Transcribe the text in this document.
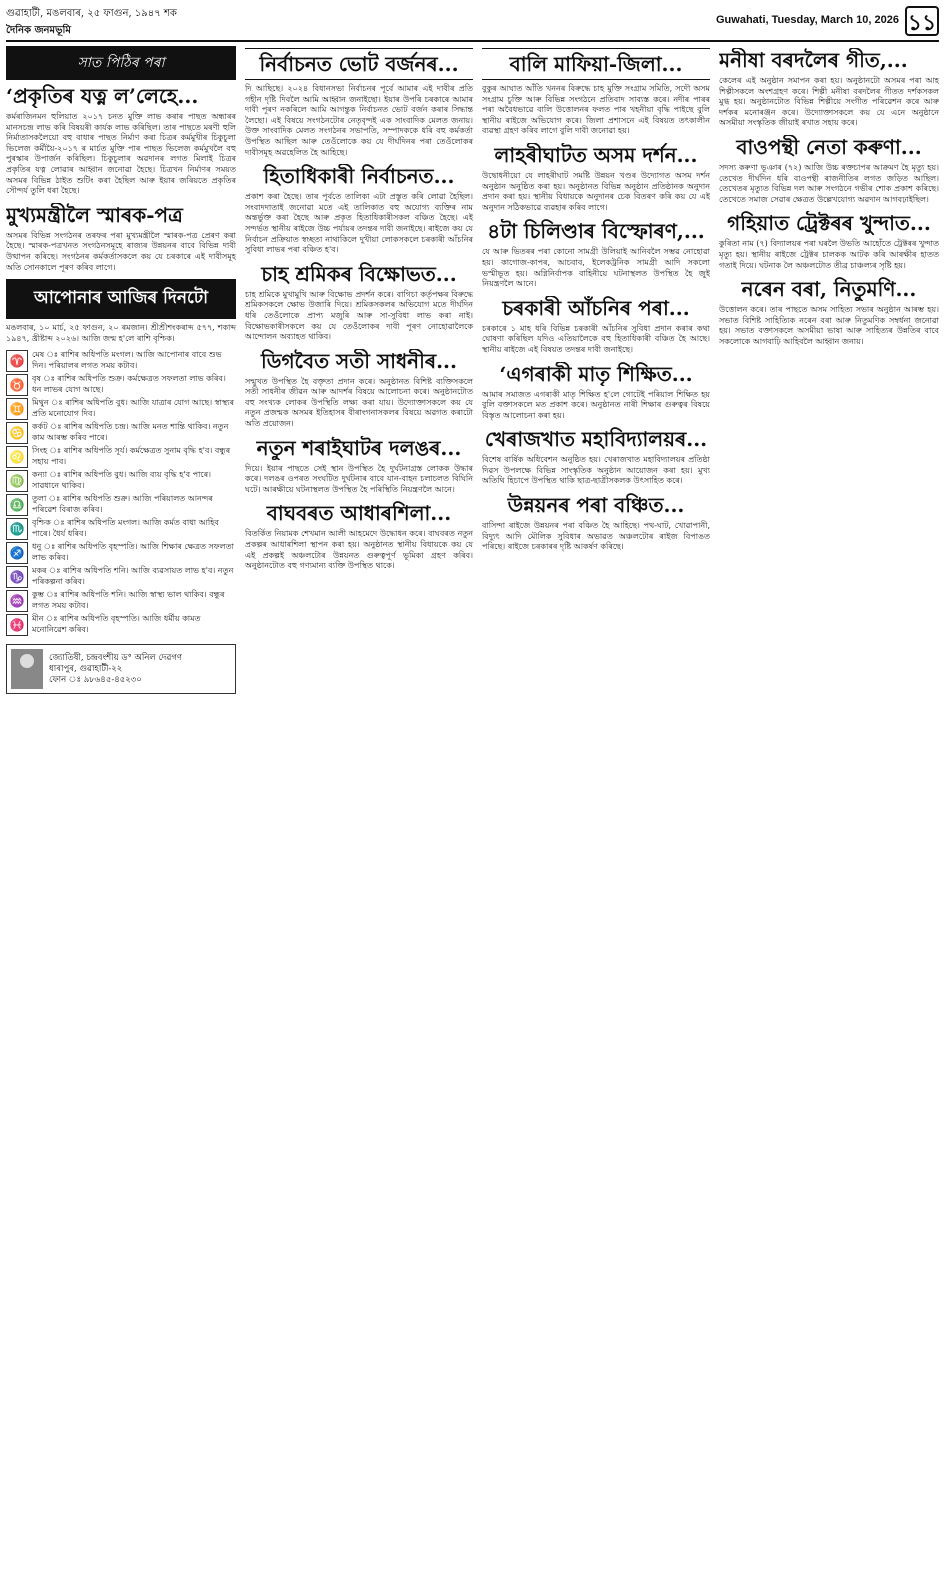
গুৱাহাটী, মঙলবাৰ, ২৫ ফাগুন, ১৯৪৭ শক
দৈনিক জনমভূমি
Guwahati, Tuesday, March 10, 2026 ১১
সাত পিঠিৰ পৰা
‘প্ৰকৃতিৰ যত্ন ল’লেহে...
কৰ্মৰাজিনমন হুলিয়াত ২০১৭ চনত মুক্তি লাভ কৰাৰ পাছত অন্ধাৰৰ মানসচন্দ্ৰ লাভ কৰি বিষয়ৰী কাৰ্যক লাভ কৰিছিল। তাৰ পাছতে মৰণী হুলি নিৰ্মাতাসকলৈয়ো বহু বাধাৰ পাছত নিৰ্মাণ কৰা চিত্ৰৰ কৰ্মমুখীৰ চিকুচুলা ভিলেজ কৰ্মীয়ৈ-২০১৭ ৰ মাৰ্চত মুক্তি পাৰ পাছত ভিলেজ কৰ্মমুখলৈ বহু পুৰস্কাৰ উপাৰ্জন কৰিছিল। চিকুচুলাৰ অৱদানৰ লগত মিলাই চিত্ৰৰ প্ৰকৃতিৰ যত্ন লোৱাৰ আহ্বান জনোৱা হৈছে। চিত্ৰখন নিৰ্মাণৰ সময়ত অসমৰ বিভিন্ন ঠাইত শুটিং কৰা হৈছিল আৰু ইয়াৰ জৰিয়তে প্ৰকৃতিৰ সৌন্দৰ্য তুলি ধৰা হৈছে।
মুখ্যমন্ত্ৰীলৈ স্মাৰক-পত্ৰ
অসমৰ বিভিন্ন সংগঠনৰ তৰফৰ পৰা মুখ্যমন্ত্ৰীলৈ স্মাৰক-পত্ৰ প্ৰেৰণ কৰা হৈছে। স্মাৰক-পত্ৰখনত সংগঠনসমূহে ৰাজ্যৰ উন্নয়নৰ বাবে বিভিন্ন দাবী উত্থাপন কৰিছে। সংগঠনৰ কৰ্মকৰ্তাসকলে কয় যে চৰকাৰে এই দাবীসমূহ অতি সোনকালে পূৰণ কৰিব লাগে।
আপোনাৰ আজিৰ দিনটো
মঙলবাৰ, ১০ মাৰ্চ, ২৫ ফাগুন, ২০ ৰমজান। শ্ৰীশ্ৰীশংকৰাব্দ ৫৭৭, শকাব্দ ১৯৪৭, খ্ৰীষ্টাব্দ ২০২৬। আজি জন্ম হ'লে ৰাশি বৃশ্চিক।
♈ মেষ ঃ ৰাশিৰ অধিপতি মংগল। আজি আপোনাৰ বাবে শুভ দিন। পৰিয়ালৰ লগত সময় কটাব।
♉ বৃষ ঃ ৰাশিৰ অধিপতি শুক্ৰ। কৰ্মক্ষেত্ৰত সফলতা লাভ কৰিব। ধন লাভৰ যোগ আছে।
♊ মিথুন ঃ ৰাশিৰ অধিপতি বুধ। আজি যাত্ৰাৰ যোগ আছে। স্বাস্থ্যৰ প্ৰতি মনোযোগ দিব।
♋ কৰ্কট ঃ ৰাশিৰ অধিপতি চন্দ্ৰ। আজি মনত শান্তি থাকিব। নতুন কাম আৰম্ভ কৰিব পাৰে।
♌ সিংহ ঃ ৰাশিৰ অধিপতি সূৰ্য। কৰ্মক্ষেত্ৰত সুনাম বৃদ্ধি হ'ব। বন্ধুৰ সহায় পাব।
♍ কন্যা ঃ ৰাশিৰ অধিপতি বুধ। আজি ব্যয় বৃদ্ধি হ'ব পাৰে। সাৱধানে থাকিব।
♎ তুলা ঃ ৰাশিৰ অধিপতি শুক্ৰ। আজি পৰিয়ালত আনন্দৰ পৰিৱেশ বিৰাজ কৰিব।
♏ বৃশ্চিক ঃ ৰাশিৰ অধিপতি মংগল। আজি কৰ্মত বাধা আহিব পাৰে। ধৈৰ্য ধৰিব।
♐ ধনু ঃ ৰাশিৰ অধিপতি বৃহস্পতি। আজি শিক্ষাৰ ক্ষেত্ৰত সফলতা লাভ কৰিব।
♑ মকৰ ঃ ৰাশিৰ অধিপতি শনি। আজি ব্যৱসায়ত লাভ হ'ব। নতুন পৰিকল্পনা কৰিব।
♒ কুম্ভ ঃ ৰাশিৰ অধিপতি শনি। আজি স্বাস্থ্য ভাল থাকিব। বন্ধুৰ লগত সময় কটাব।
♓ মীন ঃ ৰাশিৰ অধিপতি বৃহস্পতি। আজি ধৰ্মীয় কামত মনোনিৱেশ কৰিব।
জ্যোতিষী, চন্দ্ৰবংশীয় ড° অনিল দেৱগণ
ধাৰাপুৰ, গুৱাহাটী-২২
ফোন ঃ ৯৮৬৪৫-৪৫২৩০
নিৰ্বাচনত ভোট বৰ্জনৰ...
দি আছিছে। ২০২৪ বিধানসভা নিৰ্বাচনৰ পূৰ্বে আমাৰ এই দাবীৰ প্ৰতি গহীন দৃষ্টি দিবলৈ আমি আহ্বান জনাইছো। ইয়াৰ উপৰি চৰকাৰে আমাৰ দাবী পূৰণ নকৰিলে আমি আগন্তুক নিৰ্বাচনত ভোট বৰ্জন কৰাৰ সিদ্ধান্ত লৈছো। এই বিষয়ে সংগঠনটোৰ নেতৃবৃন্দই এক সাংবাদিক মেলত জনায়। উক্ত সাংবাদিক মেলত সংগঠনৰ সভাপতি, সম্পাদককে ধৰি বহু কৰ্মকৰ্তা উপস্থিত আছিল আৰু তেওঁলোকে কয় যে দীৰ্ঘদিনৰ পৰা তেওঁলোকৰ দাবীসমূহ অৱহেলিত হৈ আহিছে।
হিতাধিকাৰী নিৰ্বাচনত...
প্ৰকাশ কৰা হৈছে। তাৰ পূৰ্বতে তালিকা এটা প্ৰস্তুত কৰি লোৱা হৈছিল। সংবাদদাতাই জনোৱা মতে এই তালিকাত বহু অযোগ্য ব্যক্তিৰ নাম অন্তৰ্ভুক্ত কৰা হৈছে আৰু প্ৰকৃত হিতাধিকাৰীসকল বঞ্চিত হৈছে। এই সন্দৰ্ভত স্থানীয় ৰাইজে উচ্চ পৰ্যায়ৰ তদন্তৰ দাবী জনাইছে। ৰাইজে কয় যে নিৰ্বাচন প্ৰক্ৰিয়াত স্বচ্ছতা নাথাকিলে দুখীয়া লোকসকলে চৰকাৰী আঁচনিৰ সুবিধা লাভৰ পৰা বঞ্চিত হ'ব।
চাহ শ্ৰমিকৰ বিক্ষোভত...
চাহ শ্ৰমিকে মুখামুখি আৰু বিক্ষোভ প্ৰদৰ্শন কৰে। বাগিচা কৰ্তৃপক্ষৰ বিৰুদ্ধে শ্ৰমিকসকলে ক্ষোভ উজাৰি দিয়ে। শ্ৰমিকসকলৰ অভিযোগ মতে দীৰ্ঘদিন ধৰি তেওঁলোকে প্ৰাপ্য মজুৰি আৰু সা-সুবিধা লাভ কৰা নাই। বিক্ষোভকাৰীসকলে কয় যে তেওঁলোকৰ দাবী পূৰণ নোহোৱালৈকে আন্দোলন অব্যাহত থাকিব।
ডিগবৈত সতী সাধনীৰ...
সন্মুখত উপস্থিত হৈ বক্তৃতা প্ৰদান কৰে। অনুষ্ঠানত বিশিষ্ট ব্যক্তিসকলে সতী সাধনীৰ জীৱন আৰু আদৰ্শৰ বিষয়ে আলোচনা কৰে। অনুষ্ঠানটোত বহু সংখ্যক লোকৰ উপস্থিতি লক্ষ্য কৰা যায়। উদ্যোক্তাসকলে কয় যে নতুন প্ৰজন্মক অসমৰ ইতিহাসৰ বীৰাংগনাসকলৰ বিষয়ে অৱগত কৰাটো অতি প্ৰয়োজন।
নতুন শৰাইঘাটৰ দলঙৰ...
দিয়ে। ইয়াৰ পাছতে সেই স্থান উপস্থিত হৈ দুৰ্ঘটনাগ্ৰস্ত লোকক উদ্ধাৰ কৰে। দলঙৰ ওপৰত সংঘটিত দুৰ্ঘটনাৰ বাবে যান-বাহন চলাচলত বিঘিনি ঘটে। আৰক্ষীয়ে ঘটনাস্থলত উপস্থিত হৈ পৰিস্থিতি নিয়ন্ত্ৰণলৈ আনে।
বাঘবৰত আধাৰশিলা...
বিতৰ্কিত নিয়ামক শেখমান আলী আহমেদে উদ্ধোধন কৰে। বাঘবৰত নতুন প্ৰকল্পৰ আধাৰশিলা স্থাপন কৰা হয়। অনুষ্ঠানত স্থানীয় বিধায়কে কয় যে এই প্ৰকল্পই অঞ্চলটোৰ উন্নয়নত গুৰুত্বপূৰ্ণ ভূমিকা গ্ৰহণ কৰিব। অনুষ্ঠানটোত বহু গণ্যমান্য ব্যক্তি উপস্থিত থাকে।
বালি মাফিয়া-জিলা...
বুকুৰ আঘাত আঁতি খননৰ বিৰুদ্ধে চাহ মুক্তি সংগ্ৰাম সমিতি, সদৌ অসম সংগ্ৰাম চুক্তি আৰু বিভিন্ন সংগঠনে প্ৰতিবাদ সাব্যস্ত কৰে। নদীৰ পাৰৰ পৰা অবৈধভাৱে বালি উত্তোলনৰ ফলত পাৰ খহনীয়া বৃদ্ধি পাইছে বুলি স্থানীয় ৰাইজে অভিযোগ কৰে। জিলা প্ৰশাসনে এই বিষয়ত তৎকালীন ব্যৱস্থা গ্ৰহণ কৰিব লাগে বুলি দাবী জনোৱা হয়।
লাহৰীঘাটত অসম দৰ্শন...
উদ্বোধনীয়ো যে লাহৰীঘাট সমষ্টি উন্নয়ন খণ্ডৰ উদ্যোগত অসম দৰ্শন অনুষ্ঠান অনুষ্ঠিত কৰা হয়। অনুষ্ঠানত বিভিন্ন অনুষ্ঠান প্ৰতিষ্ঠানক অনুদান প্ৰদান কৰা হয়। স্থানীয় বিধায়কে অনুদানৰ চেক বিতৰণ কৰি কয় যে এই অনুদান সঠিকভাৱে ব্যৱহাৰ কৰিব লাগে।
৪টা চিলিণ্ডাৰ বিস্ফোৰণ,...
যে আৰু ভিতৰৰ পৰা কোনো সামগ্ৰী উলিয়াই আনিবলৈ সম্ভৱ নোহোৱা হয়। কাগোজ-কাপৰ, আচবাব, ইলেকট্ৰনিক সামগ্ৰী আদি সকলো ভস্মীভূত হয়। অগ্নিনিৰ্বাপক বাহিনীয়ে ঘটনাস্থলত উপস্থিত হৈ জুই নিয়ন্ত্ৰণলৈ আনে।
চৰকাৰী আঁচনিৰ পৰা...
চৰকাৰে ১ মাহ ধৰি বিভিন্ন চৰকাৰী আঁচনিৰ সুবিধা প্ৰদান কৰাৰ কথা ঘোষণা কৰিছিল যদিও এতিয়ালৈকে বহু হিতাধিকাৰী বঞ্চিত হৈ আছে। স্থানীয় ৰাইজে এই বিষয়ত তদন্তৰ দাবী জনাইছে।
‘এগৰাকী মাতৃ শিক্ষিত...
আমাৰ সমাজত এগৰাকী মাতৃ শিক্ষিত হ'লে গোটেই পৰিয়াল শিক্ষিত হয় বুলি বক্তাসকলে মত প্ৰকাশ কৰে। অনুষ্ঠানত নাৰী শিক্ষাৰ গুৰুত্বৰ বিষয়ে বিস্তৃত আলোচনা কৰা হয়।
খেৰাজখাত মহাবিদ্যালয়ৰ...
বিশেষ বাৰ্ষিক অধিবেশন অনুষ্ঠিত হয়। খেৰাজখাত মহাবিদ্যালয়ৰ প্ৰতিষ্ঠা দিৱস উপলক্ষে বিভিন্ন সাংস্কৃতিক অনুষ্ঠান আয়োজন কৰা হয়। মুখ্য অতিথি হিচাপে উপস্থিত থাকি ছাত্ৰ-ছাত্ৰীসকলক উৎসাহিত কৰে।
উন্নয়নৰ পৰা বঞ্চিত...
বাসিন্দা ৰাইজে উন্নয়নৰ পৰা বঞ্চিত হৈ আহিছে। পথ-ঘাট, খোৱাপানী, বিদ্যুৎ আদি মৌলিক সুবিধাৰ অভাৱত অঞ্চলটোৰ ৰাইজ বিপাঙত পৰিছে। ৰাইজে চৰকাৰৰ দৃষ্টি আকৰ্ষণ কৰিছে।
মনীষা বৰদলৈৰ গীত,...
কেলেৰ এই অনুষ্ঠান সমাপন কৰা হয়। অনুষ্ঠানটো অসমৰ পৰা আহ শিল্পীসকলে অংশগ্ৰহণ কৰে। শিল্পী মনীষা বৰদলৈৰ গীতত দৰ্শকসকল মুগ্ধ হয়। অনুষ্ঠানটোত বিভিন্ন শিল্পীয়ে সংগীত পৰিৱেশন কৰে আৰু দৰ্শকৰ মনোৰঞ্জন কৰে। উদ্যোক্তাসকলে কয় যে এনে অনুষ্ঠানে অসমীয়া সংস্কৃতিক জীয়াই ৰখাত সহায় কৰে।
বাওপন্থী নেতা কৰুণা...
সদস্য কৰুণা ভূঞাৰ (৭২) আজি উচ্চ ৰক্তচাপৰ আক্ৰমণ হৈ মৃত্যু হয়। তেখেত দীৰ্ঘদিন ধৰি বাওপন্থী ৰাজনীতিৰ লগত জড়িত আছিল। তেখেতৰ মৃত্যুত বিভিন্ন দল আৰু সংগঠনে গভীৰ শোক প্ৰকাশ কৰিছে। তেখেতে সমাজ সেৱাৰ ক্ষেত্ৰত উল্লেখযোগ্য অৱদান আগবঢ়াইছিল।
গহিয়াত ট্ৰেক্টৰৰ খুন্দাত...
কুৰিতা নাম (৭) বিদ্যালয়ৰ পৰা ঘৰলৈ উভতি আহোঁতে ট্ৰেক্টৰৰ খুন্দাত মৃত্যু হয়। স্থানীয় ৰাইজে ট্ৰেক্টৰ চালকক আটক কৰি আৰক্ষীৰ হাতত গতাই দিয়ে। ঘটনাক লৈ অঞ্চলটোত তীব্ৰ চাঞ্চল্যৰ সৃষ্টি হয়।
নৰেন বৰা, নিতুমণি...
উত্তোলন কৰে। তাৰ পাছতে অসম সাহিত্য সভাৰ অনুষ্ঠান আৰম্ভ হয়। সভাত বিশিষ্ট সাহিত্যিক নৰেন বৰা আৰু নিতুমণিক সম্বৰ্ধনা জনোৱা হয়। সভাত বক্তাসকলে অসমীয়া ভাষা আৰু সাহিত্যৰ উন্নতিৰ বাবে সকলোকে আগবাঢ়ি আহিবলৈ আহ্বান জনায়।
